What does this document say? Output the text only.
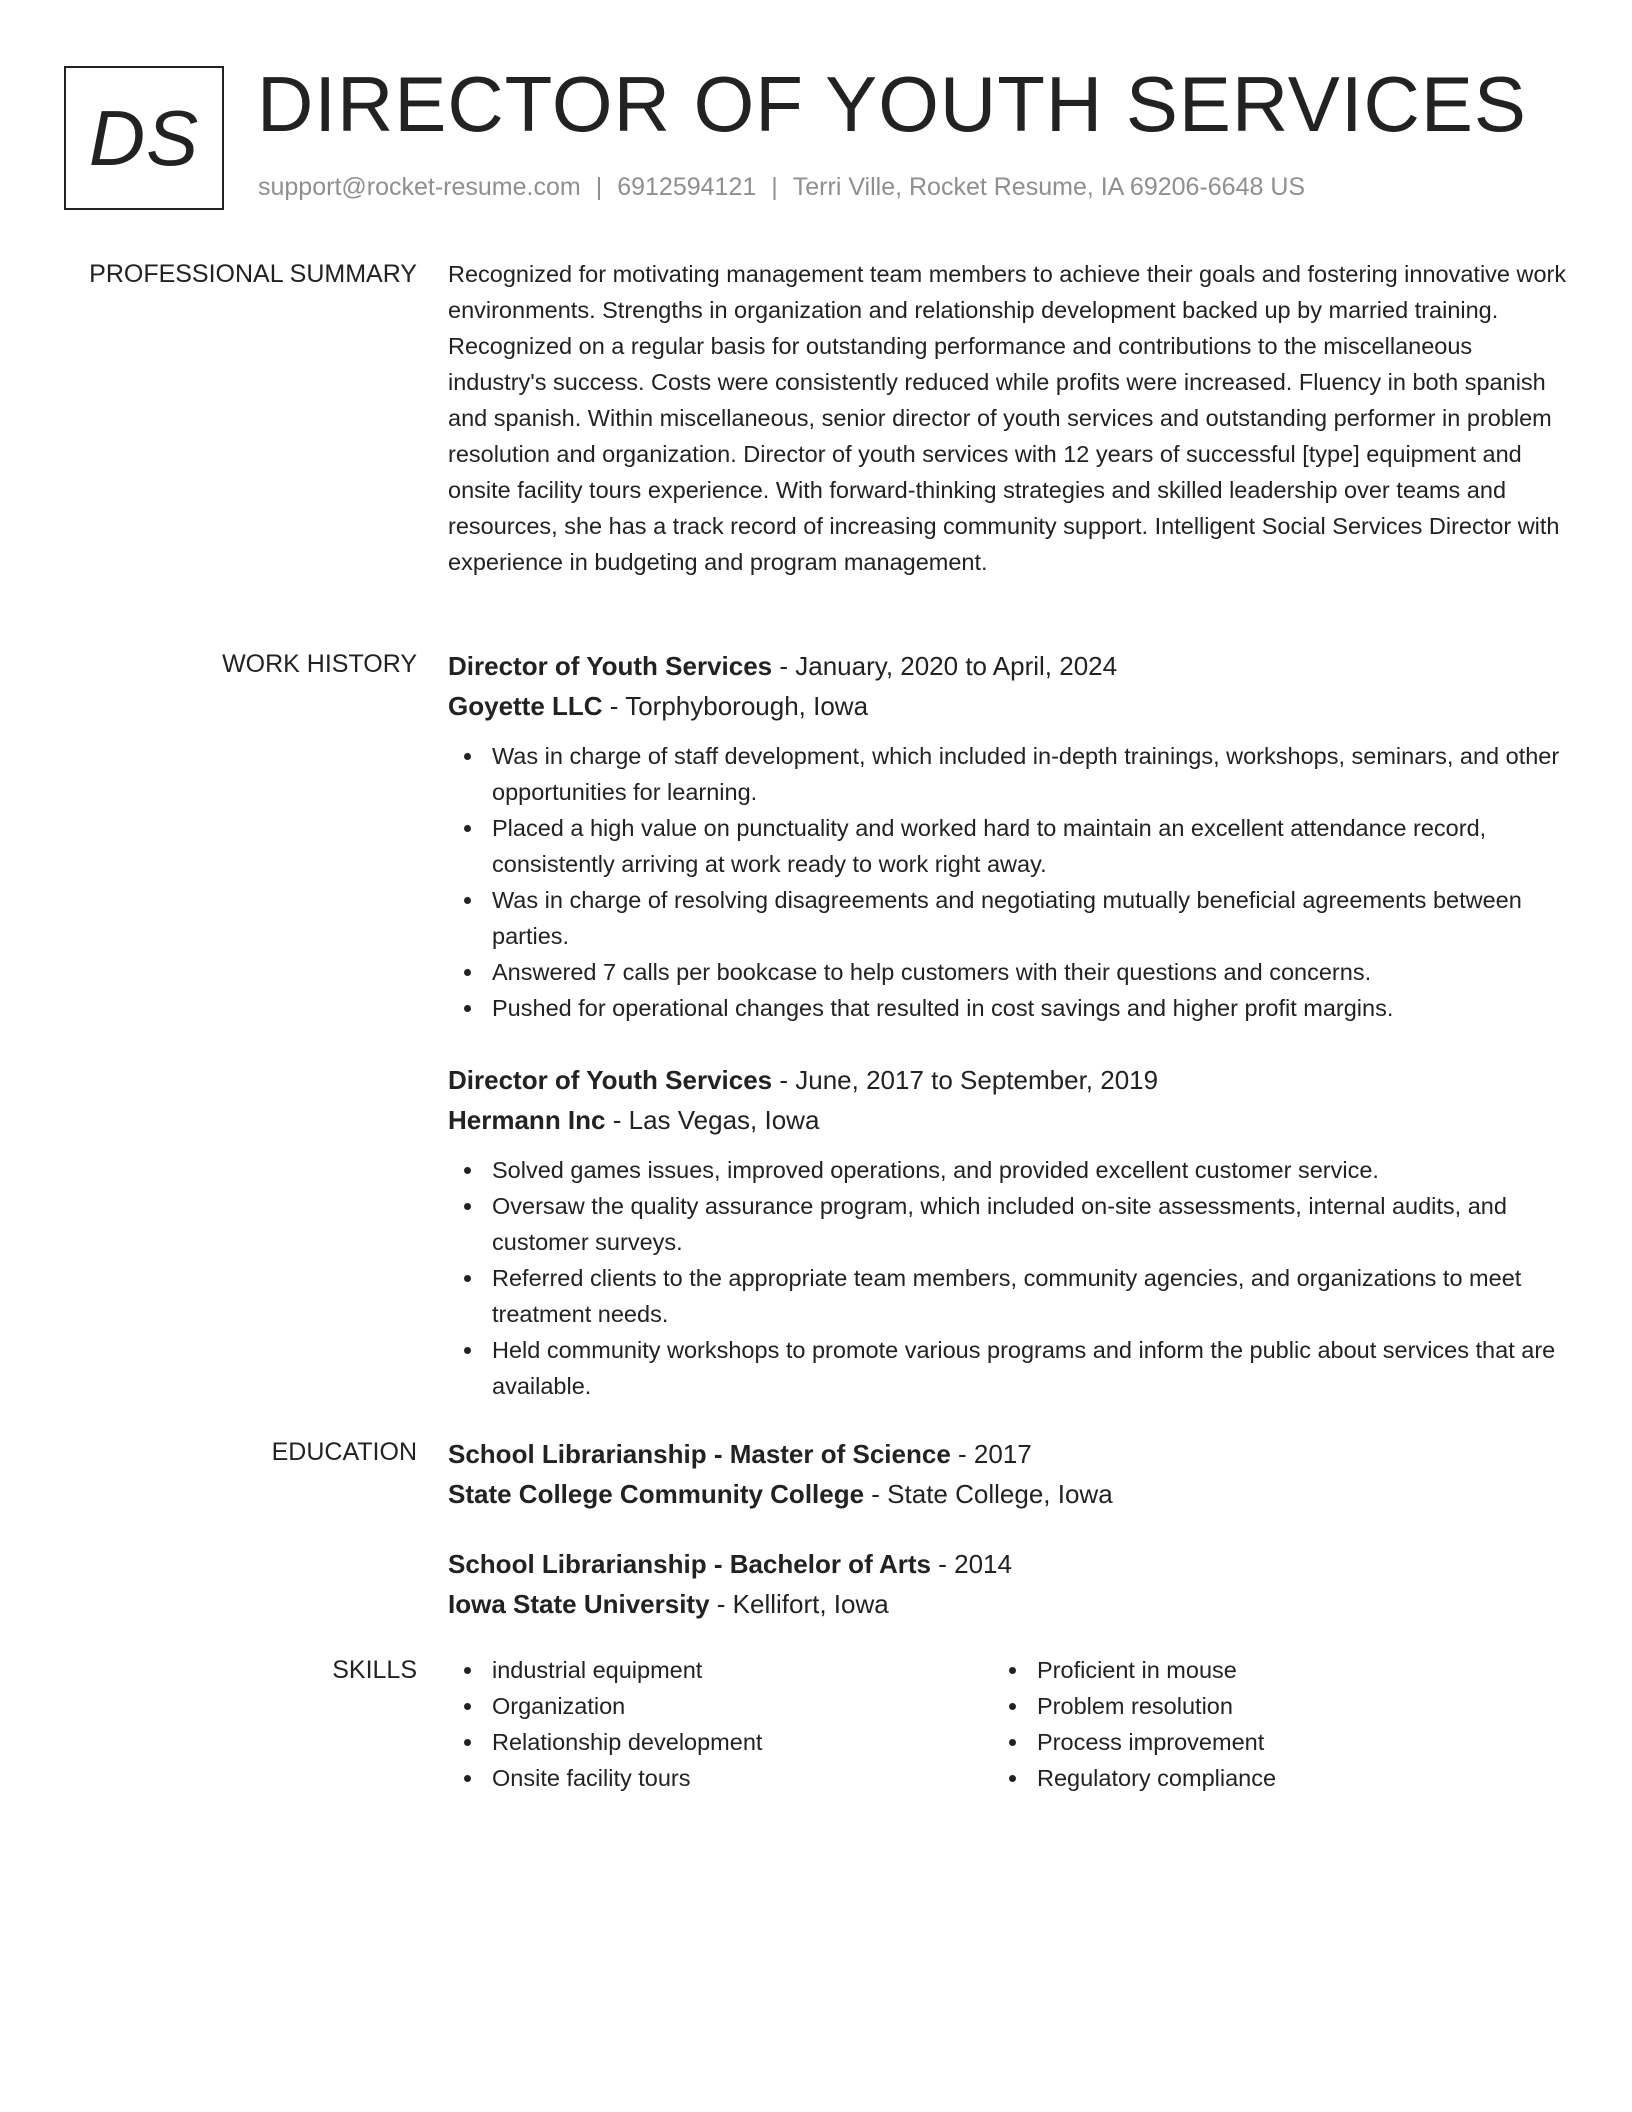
DS DIRECTOR OF YOUTH SERVICES
support@rocket-resume.com | 6912594121 | Terri Ville, Rocket Resume, IA 69206-6648 US
PROFESSIONAL SUMMARY Recognized for motivating management team members to achieve their goals and fostering innovative work environments. Strengths in organization and relationship development backed up by married training. Recognized on a regular basis for outstanding performance and contributions to the miscellaneous industry's success. Costs were consistently reduced while profits were increased. Fluency in both spanish and spanish. Within miscellaneous, senior director of youth services and outstanding performer in problem resolution and organization. Director of youth services with 12 years of successful [type] equipment and onsite facility tours experience. With forward-thinking strategies and skilled leadership over teams and resources, she has a track record of increasing community support. Intelligent Social Services Director with experience in budgeting and program management.

WORK HISTORY Director of Youth Services - January, 2020 to April, 2024
Goyette LLC - Torphyborough, Iowa
Was in charge of staff development, which included in-depth trainings, workshops, seminars, and other opportunities for learning.
Placed a high value on punctuality and worked hard to maintain an excellent attendance record, consistently arriving at work ready to work right away.
Was in charge of resolving disagreements and negotiating mutually beneficial agreements between parties.
Answered 7 calls per bookcase to help customers with their questions and concerns.
Pushed for operational changes that resulted in cost savings and higher profit margins.
Director of Youth Services - June, 2017 to September, 2019
Hermann Inc - Las Vegas, Iowa
Solved games issues, improved operations, and provided excellent customer service.
Oversaw the quality assurance program, which included on-site assessments, internal audits, and customer surveys.
Referred clients to the appropriate team members, community agencies, and organizations to meet treatment needs.
Held community workshops to promote various programs and inform the public about services that are available.
EDUCATION School Librarianship - Master of Science - 2017
State College Community College - State College, Iowa
School Librarianship - Bachelor of Arts - 2014
Iowa State University - Kellifort, Iowa
SKILLS	industrial equipment
Organization
Relationship development
Onsite facility tours
Proficient in mouse
Problem resolution
Process improvement
Regulatory compliance
